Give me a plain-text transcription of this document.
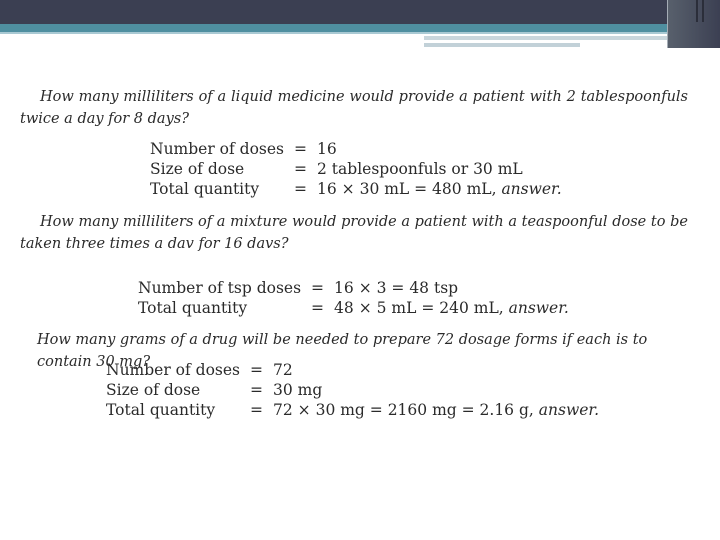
How many milliliters of a liquid medicine would provide a patient with 2 tablespoonfuls twice a day for 8 days?

Number of doses	=	16
Size of dose	=	2 tablespoonfuls or 30 mL
Total quantity	=	16 × 30 mL = 480 mL, answer.

How many milliliters of a mixture would provide a patient with a teaspoonful dose to be taken three times a dav for 16 davs?

Number of tsp doses	=	16 × 3 = 48 tsp
Total quantity	=	48 × 5 mL = 240 mL, answer.

How many grams of a drug will be needed to prepare 72 dosage forms if each is to contain 30 mg?

Number of doses	=	72
Size of dose	=	30 mg
Total quantity	=	72 × 30 mg = 2160 mg = 2.16 g, answer.
